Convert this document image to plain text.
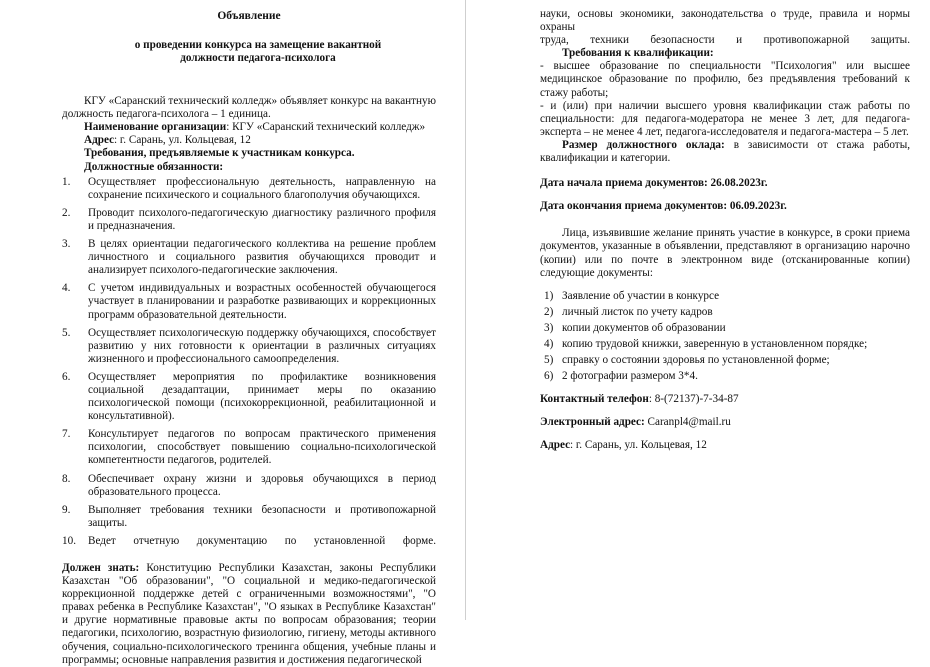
Объявление
о проведении конкурса на замещение вакантной
должности педагога-психолога

КГУ «Саранский технический колледж» объявляет конкурс на вакантную должность педагога-психолога – 1 единица.

Наименование организации: КГУ «Саранский технический колледж»

Адрес: г. Сарань, ул. Кольцевая, 12

Требования, предъявляемые к участникам конкурса.

Должностные обязанности:

1. Осуществляет профессиональную деятельность, направленную на сохранение психического и социального благополучия обучающихся.
2. Проводит психолого-педагогическую диагностику различного профиля и предназначения.
3. В целях ориентации педагогического коллектива на решение проблем личностного и социального развития обучающихся проводит и анализирует психолого-педагогические заключения.
4. С учетом индивидуальных и возрастных особенностей обучающегося участвует в планировании и разработке развивающих и коррекционных программ образовательной деятельности.
5. Осуществляет психологическую поддержку обучающихся, способствует развитию у них готовности к ориентации в различных ситуациях жизненного и профессионального самоопределения.
6. Осуществляет мероприятия по профилактике возникновения социальной дезадаптации, принимает меры по оказанию психологической помощи (психокоррекционной, реабилитационной и консультативной).
7. Консультирует педагогов по вопросам практического применения психологии, способствует повышению социально-психологической компетентности педагогов, родителей.
8. Обеспечивает охрану жизни и здоровья обучающихся в период образовательного процесса.
9. Выполняет требования техники безопасности и противопожарной защиты.
10. Ведет отчетную документацию по установленной форме.

Должен знать: Конституцию Республики Казахстан, законы Республики Казахстан "Об образовании", "О социальной и медико-педагогической коррекционной поддержке детей с ограниченными возможностями", "О правах ребенка в Республике Казахстан", "О языках в Республике Казахстан" и другие нормативные правовые акты по вопросам образования; теории педагогики, психологию, возрастную физиологию, гигиену, методы активного обучения, социально-психологического тренинга общения, учебные планы и программы; основные направления развития и достижения педагогической

науки, основы экономики, законодательства о труде, правила и нормы охраны

труда, техники безопасности и противопожарной защиты.

Требования к квалификации:

- высшее образование по специальности "Психология" или высшее медицинское образование по профилю, без предъявления требований к стажу работы;

- и (или) при наличии высшего уровня квалификации стаж работы по специальности: для педагога-модератора не менее 3 лет, для педагога-эксперта – не менее 4 лет, педагога-исследователя и педагога-мастера – 5 лет.

Размер должностного оклада: в зависимости от стажа работы, квалификации и категории.

Дата начала приема документов: 26.08.2023г.

Дата окончания приема документов: 06.09.2023г.

Лица, изъявившие желание принять участие в конкурсе, в сроки приема документов, указанные в объявлении, представляют в организацию нарочно (копии) или по почте в электронном виде (отсканированные копии) следующие документы:

1) Заявление об участии в конкурсе
2) личный листок по учету кадров
3) копии документов об образовании
4) копию трудовой книжки, заверенную в установленном порядке;
5) справку о состоянии здоровья по установленной форме;
6) 2 фотографии размером 3*4.

Контактный телефон: 8-(72137)-7-34-87

Электронный адрес: Caranpl4@mail.ru

Адрес: г. Сарань, ул. Кольцевая, 12
